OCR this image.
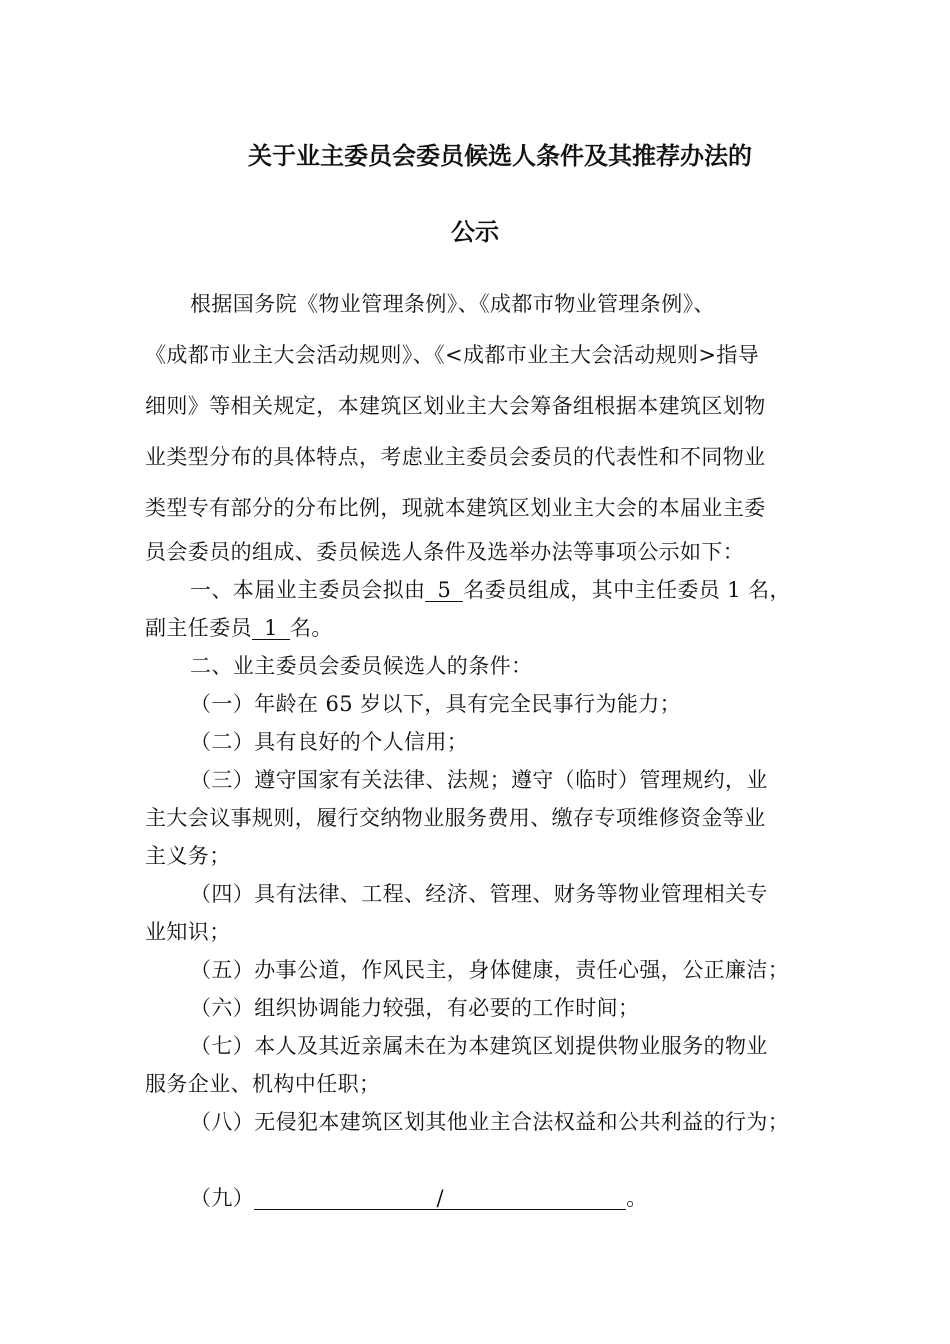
关于业主委员会委员候选人条件及其推荐办法的
公示
根据国务院《物业管理条例》、《成都市物业管理条例》、
《成都市业主大会活动规则》、《<成都市业主大会活动规则>指导
细则》等相关规定，本建筑区划业主大会筹备组根据本建筑区划物
业类型分布的具体特点，考虑业主委员会委员的代表性和不同物业
类型专有部分的分布比例，现就本建筑区划业主大会的本届业主委
员会委员的组成、委员候选人条件及选举办法等事项公示如下：
一、本届业主委员会拟由 5 名委员组成，其中主任委员 1 名，
副主任委员 1 名。
二、业主委员会委员候选人的条件：
（一）年龄在 65 岁以下，具有完全民事行为能力；
（二）具有良好的个人信用；
（三）遵守国家有关法律、法规；遵守（临时）管理规约，业
主大会议事规则，履行交纳物业服务费用、缴存专项维修资金等业
主义务；
（四）具有法律、工程、经济、管理、财务等物业管理相关专
业知识；
（五）办事公道，作风民主，身体健康，责任心强，公正廉洁；
（六）组织协调能力较强，有必要的工作时间；
（七）本人及其近亲属未在为本建筑区划提供物业服务的物业
服务企业、机构中任职；
（八）无侵犯本建筑区划其他业主合法权益和公共利益的行为；
（九）	/	。
